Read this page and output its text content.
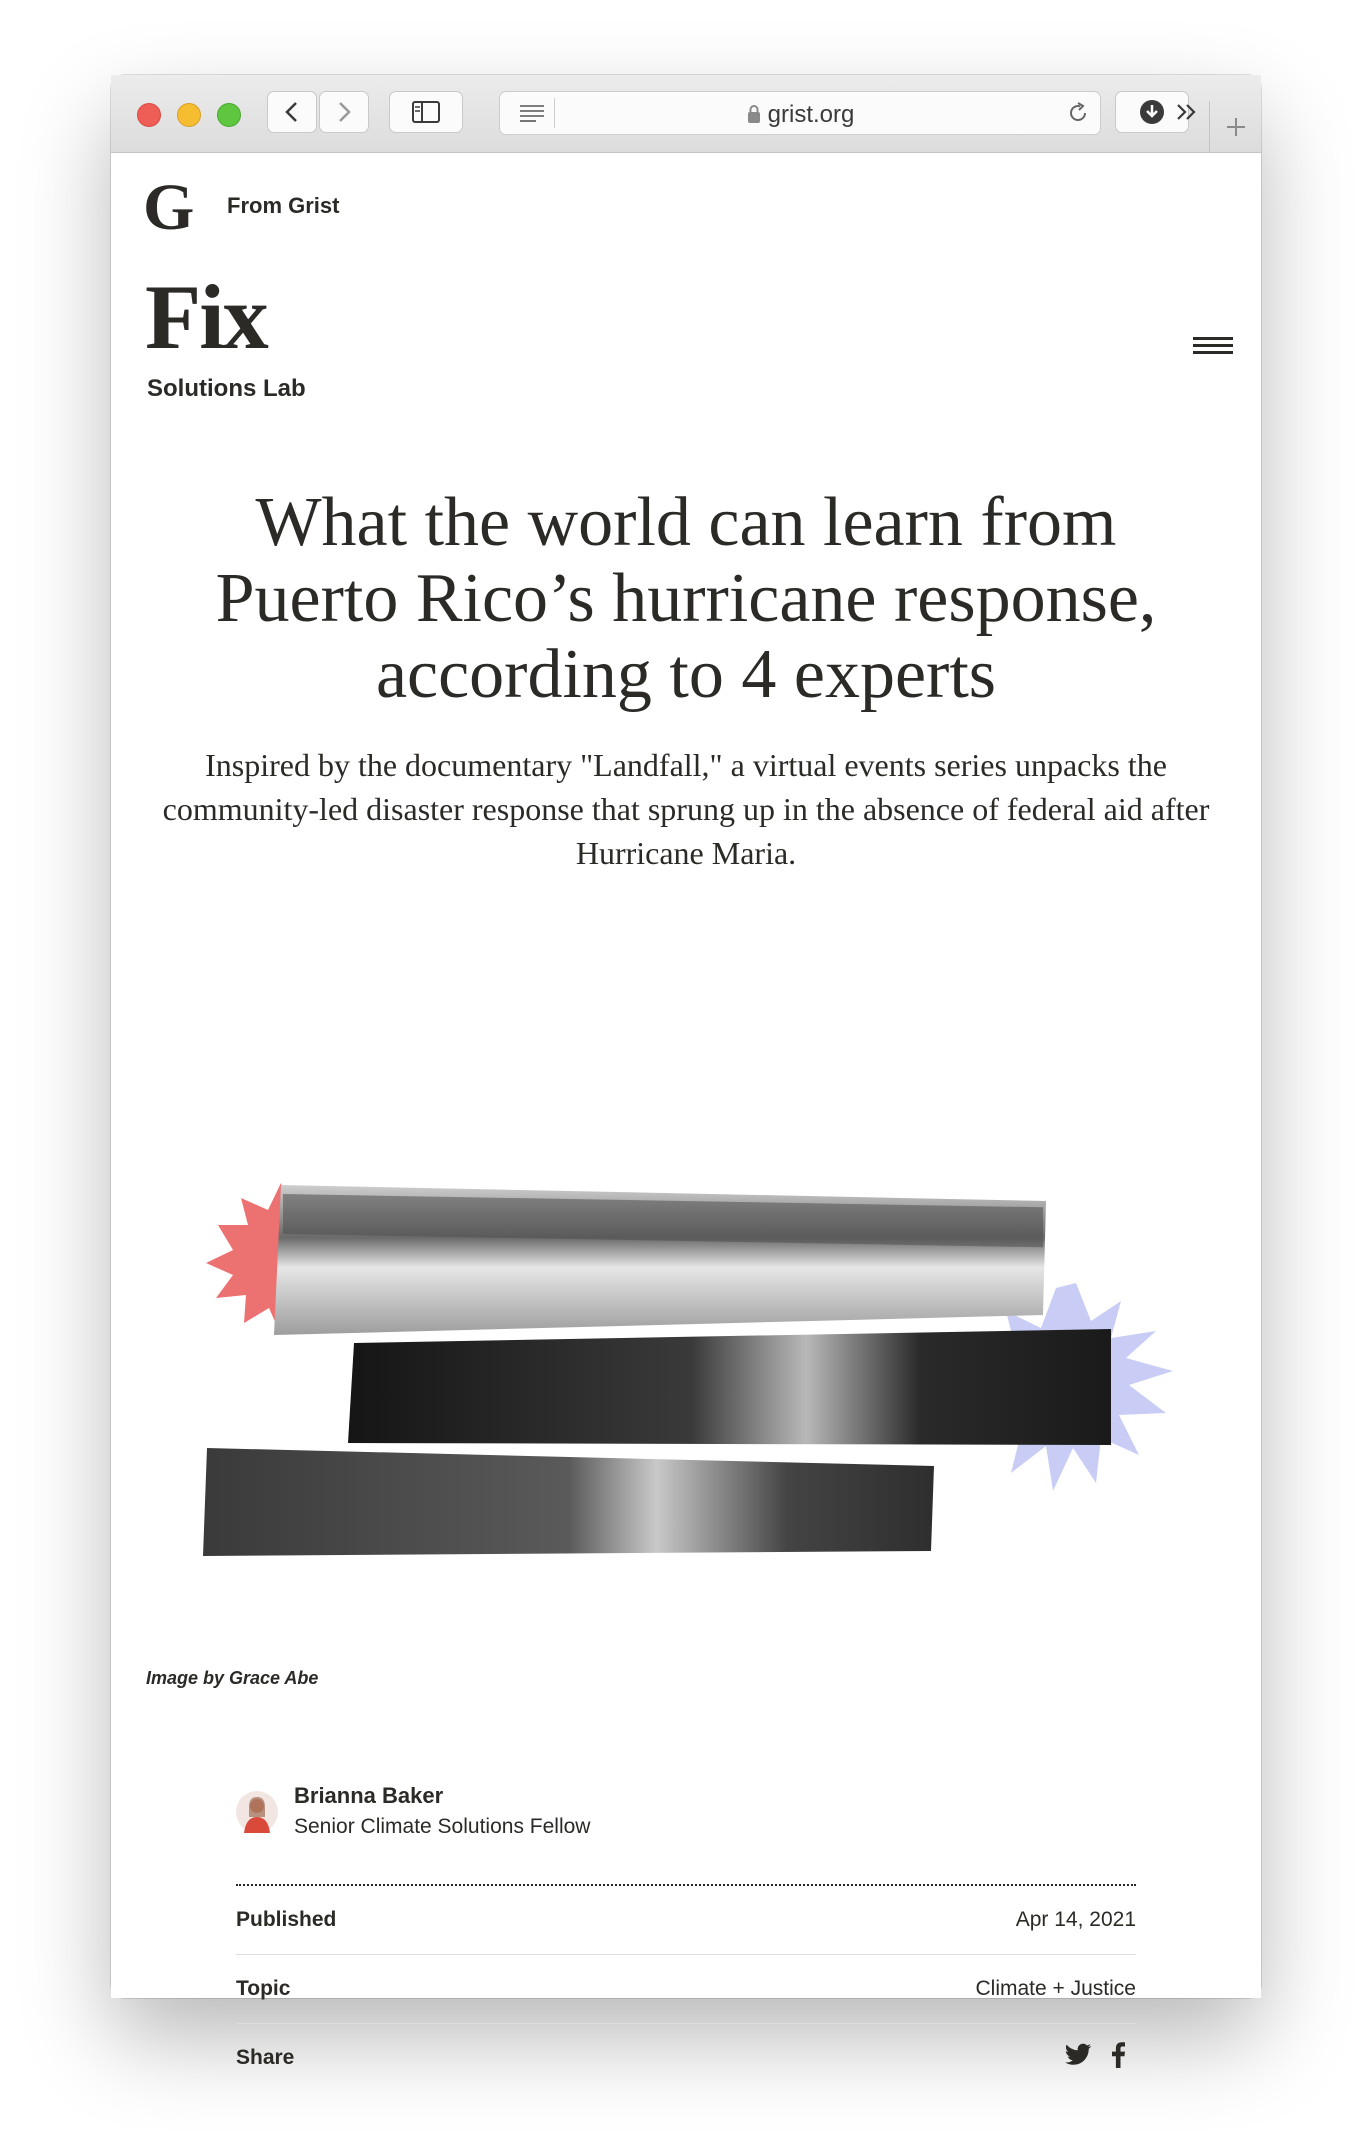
grist.org
G From Grist
Fix
Solutions Lab
What the world can learn from Puerto Rico’s hurricane response, according to 4 experts

Inspired by the documentary "Landfall," a virtual events series unpacks the community-led disaster response that sprung up in the absence of federal aid after Hurricane Maria.

Image by Grace Abe
Brianna Baker
Senior Climate Solutions Fellow
Published	Apr 14, 2021
Topic	Climate + Justice
Share
